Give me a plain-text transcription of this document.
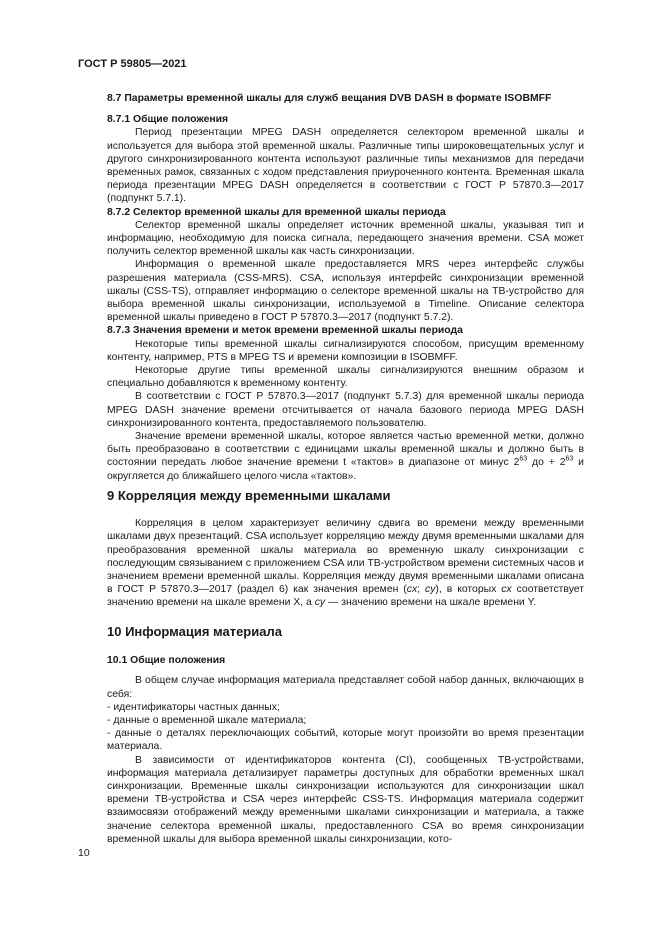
ГОСТ Р 59805—2021
8.7 Параметры временной шкалы для служб вещания DVB DASH в формате ISOBMFF
8.7.1 Общие положения

Период презентации MPEG DASH определяется селектором временной шкалы и используется для выбора этой временной шкалы. Различные типы широковещательных услуг и другого синхронизированного контента используют различные типы механизмов для передачи временных рамок, связанных с ходом представления приуроченного контента. Временная шкала периода презентации MPEG DASH определяется в соответствии с ГОСТ Р 57870.3—2017 (подпункт 5.7.1).

8.7.2 Селектор временной шкалы для временной шкалы периода

Селектор временной шкалы определяет источник временной шкалы, указывая тип и информацию, необходимую для поиска сигнала, передающего значения времени. CSA может получить селектор временной шкалы как часть синхронизации.

Информация о временной шкале предоставляется MRS через интерфейс службы разрешения материала (CSS-MRS). CSA, используя интерфейс синхронизации временной шкалы (CSS-TS), отправляет информацию о селекторе временной шкалы на ТВ-устройство для выбора временной шкалы синхронизации, используемой в Timeline. Описание селектора временной шкалы приведено в ГОСТ Р 57870.3—2017 (подпункт 5.7.2).

8.7.3 Значения времени и меток времени временной шкалы периода

Некоторые типы временной шкалы сигнализируются способом, присущим временному контенту, например, PTS в MPEG TS и времени композиции в ISOBMFF.

Некоторые другие типы временной шкалы сигнализируются внешним образом и специально добавляются к временному контенту.

В соответствии с ГОСТ Р 57870.3—2017 (подпункт 5.7.3) для временной шкалы периода MPEG DASH значение времени отсчитывается от начала базового периода MPEG DASH синхронизированного контента, предоставляемого пользователю.

Значение времени временной шкалы, которое является частью временной метки, должно быть преобразовано в соответствии с единицами шкалы временной шкалы и должно быть в состоянии передать любое значение времени t «тактов» в диапазоне от минус $2^{63}$ до + $2^{63}$ и округляется до ближайшего целого числа «тактов».

9 Корреляция между временными шкалами

Корреляция в целом характеризует величину сдвига во времени между временными шкалами двух презентаций. CSA использует корреляцию между двумя временными шкалами для преобразования временной шкалы материала во временную шкалу синхронизации с последующим связыванием с приложением CSA или ТВ-устройством времени системных часов и значением времени временной шкалы. Корреляция между двумя временными шкалами описана в ГОСТ Р 57870.3—2017 (раздел 6) как значения времен (cx; cy), в которых cx соответствует значению времени на шкале времени X, а cy — значению времени на шкале времени Y.

10 Информация материала
10.1 Общие положения

В общем случае информация материала представляет собой набор данных, включающих в себя:

- идентификаторы частных данных;

- данные о временной шкале материала;

- данные о деталях переключающих событий, которые могут произойти во время презентации материала.

В зависимости от идентификаторов контента (CI), сообщенных ТВ-устройствами, информация материала детализирует параметры доступных для обработки временных шкал синхронизации. Временные шкалы синхронизации используются для синхронизации шкал времени ТВ-устройства и CSA через интерфейс CSS-TS. Информация материала содержит взаимосвязи отображений между временными шкалами синхронизации и материала, а также значение селектора временной шкалы, предоставленного CSA во время синхронизации временной шкалы для выбора временной шкалы синхронизации, кото-

10
